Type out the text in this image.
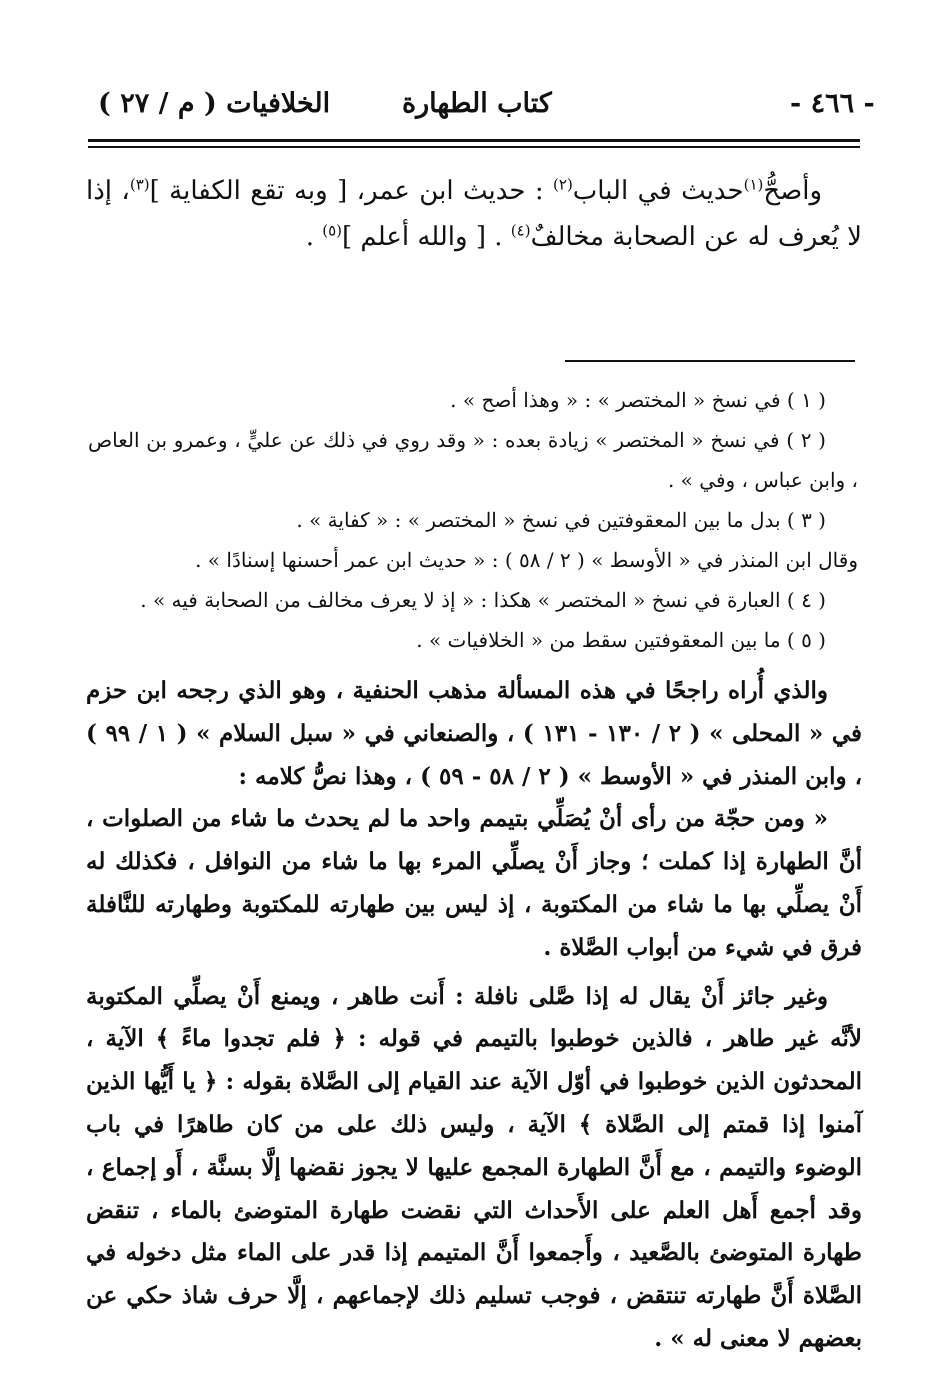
- ٤٦٦ -
كتاب الطهارة
الخلافيات ( م / ٢٧ )

وأصحُّ$^{(١)}$حديث في الباب$^{(٢)}$ : حديث ابن عمر، [ وبه تقع الكفاية ]$^{(٣)}$، إذا لا يُعرف له عن الصحابة مخالفٌ$^{(٤)}$ . [ والله أعلم ]$^{(٥)}$ .

( ١ ) في نسخ « المختصر » : « وهذا أصح » .

( ٢ ) في نسخ « المختصر » زيادة بعده : « وقد روي في ذلك عن عليٍّ ، وعمرو بن العاص ، وابن عباس ، وفي » .

( ٣ ) بدل ما بين المعقوفتين في نسخ « المختصر » : « كفاية » .

وقال ابن المنذر في « الأوسط » ( ٢ / ٥٨ ) : « حديث ابن عمر أحسنها إسنادًا » .

( ٤ ) العبارة في نسخ « المختصر » هكذا : « إذ لا يعرف مخالف من الصحابة فيه » .

( ٥ ) ما بين المعقوفتين سقط من « الخلافيات » .

والذي أُراه راجحًا في هذه المسألة مذهب الحنفية ، وهو الذي رجحه ابن حزم في « المحلى » ( ٢ / ١٣٠ - ١٣١ ) ، والصنعاني في « سبل السلام » ( ١ / ٩٩ ) ، وابن المنذر في « الأوسط » ( ٢ / ٥٨ - ٥٩ ) ، وهذا نصُّ كلامه :

« ومن حجّة من رأى أنْ يُصَلِّي بتيمم واحد ما لم يحدث ما شاء من الصلوات ، أنَّ الطهارة إذا كملت ؛ وجاز أَنْ يصلِّي المرء بها ما شاء من النوافل ، فكذلك له أَنْ يصلِّي بها ما شاء من المكتوبة ، إذ ليس بين طهارته للمكتوبة وطهارته للنَّافلة فرق في شيء من أبواب الصَّلاة .

وغير جائز أَنْ يقال له إذا صَّلى نافلة : أَنت طاهر ، ويمنع أَنْ يصلِّي المكتوبة لأنَّه غير طاهر ، فالذين خوطبوا بالتيمم في قوله : ﴿ فلم تجدوا ماءً ﴾ الآية ، المحدثون الذين خوطبوا في أوّل الآية عند القيام إلى الصَّلاة بقوله : ﴿ يا أَيُّها الذين آمنوا إذا قمتم إلى الصَّلاة ﴾ الآية ، وليس ذلك على من كان طاهرًا في باب الوضوء والتيمم ، مع أَنَّ الطهارة المجمع عليها لا يجوز نقضها إلَّا بسنَّة ، أَو إجماع ، وقد أجمع أَهل العلم على الأَحداث التي نقضت طهارة المتوضئ بالماء ، تنقض طهارة المتوضئ بالصَّعيد ، وأَجمعوا أَنَّ المتيمم إذا قدر على الماء مثل دخوله في الصَّلاة أَنَّ طهارته تنتقض ، فوجب تسليم ذلك لإجماعهم ، إلَّا حرف شاذ حكي عن بعضهم لا معنى له » .
